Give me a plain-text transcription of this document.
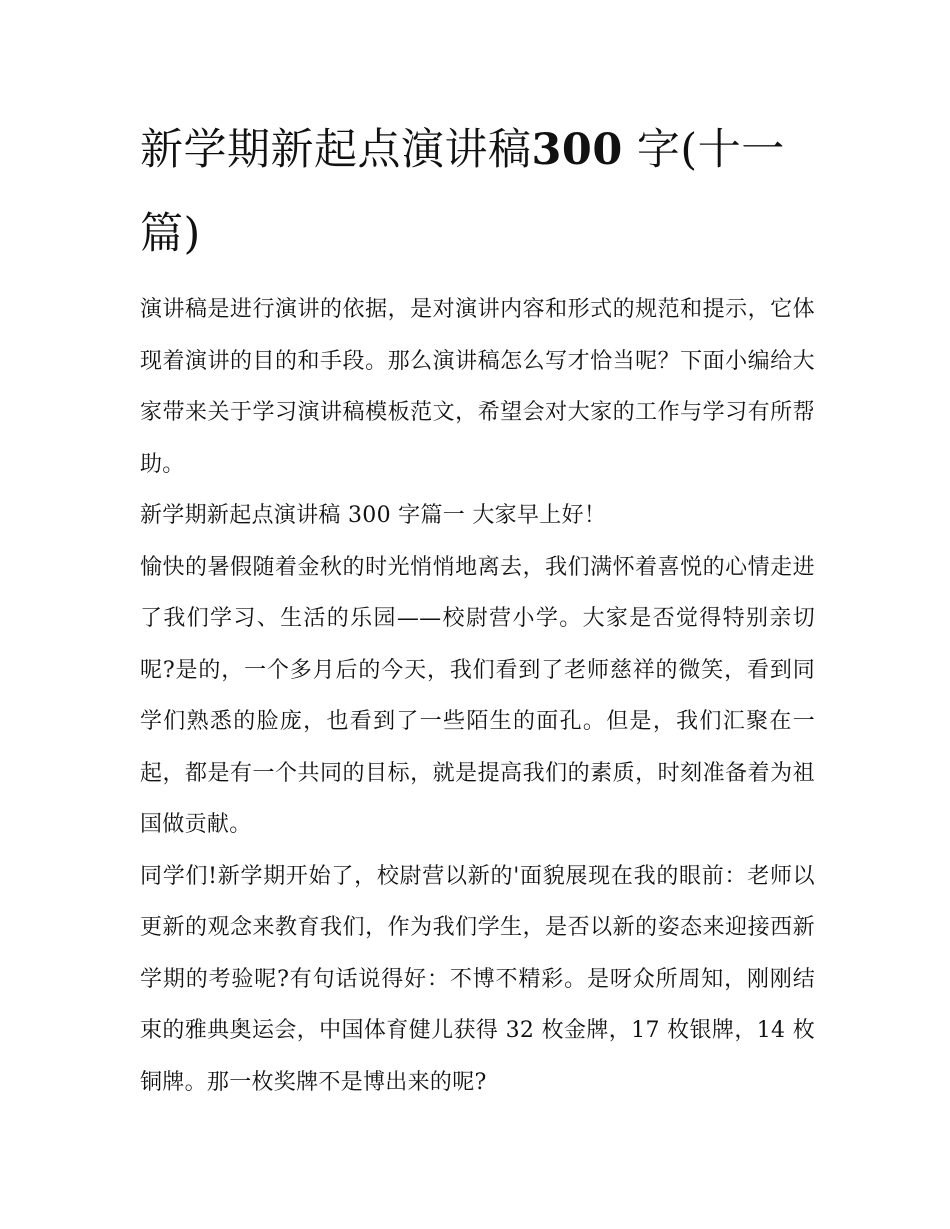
新学期新起点演讲稿300 字(十一篇)

演讲稿是进行演讲的依据，是对演讲内容和形式的规范和提示，它体现着演讲的目的和手段。那么演讲稿怎么写才恰当呢？下面小编给大家带来关于学习演讲稿模板范文，希望会对大家的工作与学习有所帮助。

新学期新起点演讲稿 300 字篇一 大家早上好！

愉快的暑假随着金秋的时光悄悄地离去，我们满怀着喜悦的心情走进了我们学习、生活的乐园——校尉营小学。大家是否觉得特别亲切呢?是的，一个多月后的今天，我们看到了老师慈祥的微笑，看到同学们熟悉的脸庞，也看到了一些陌生的面孔。但是，我们汇聚在一起，都是有一个共同的目标，就是提高我们的素质，时刻准备着为祖国做贡献。

同学们!新学期开始了，校尉营以新的'面貌展现在我的眼前：老师以更新的观念来教育我们，作为我们学生，是否以新的姿态来迎接西新学期的考验呢?有句话说得好：不博不精彩。是呀众所周知，刚刚结束的雅典奥运会，中国体育健儿获得 32 枚金牌，17 枚银牌，14 枚铜牌。那一枚奖牌不是博出来的呢?
